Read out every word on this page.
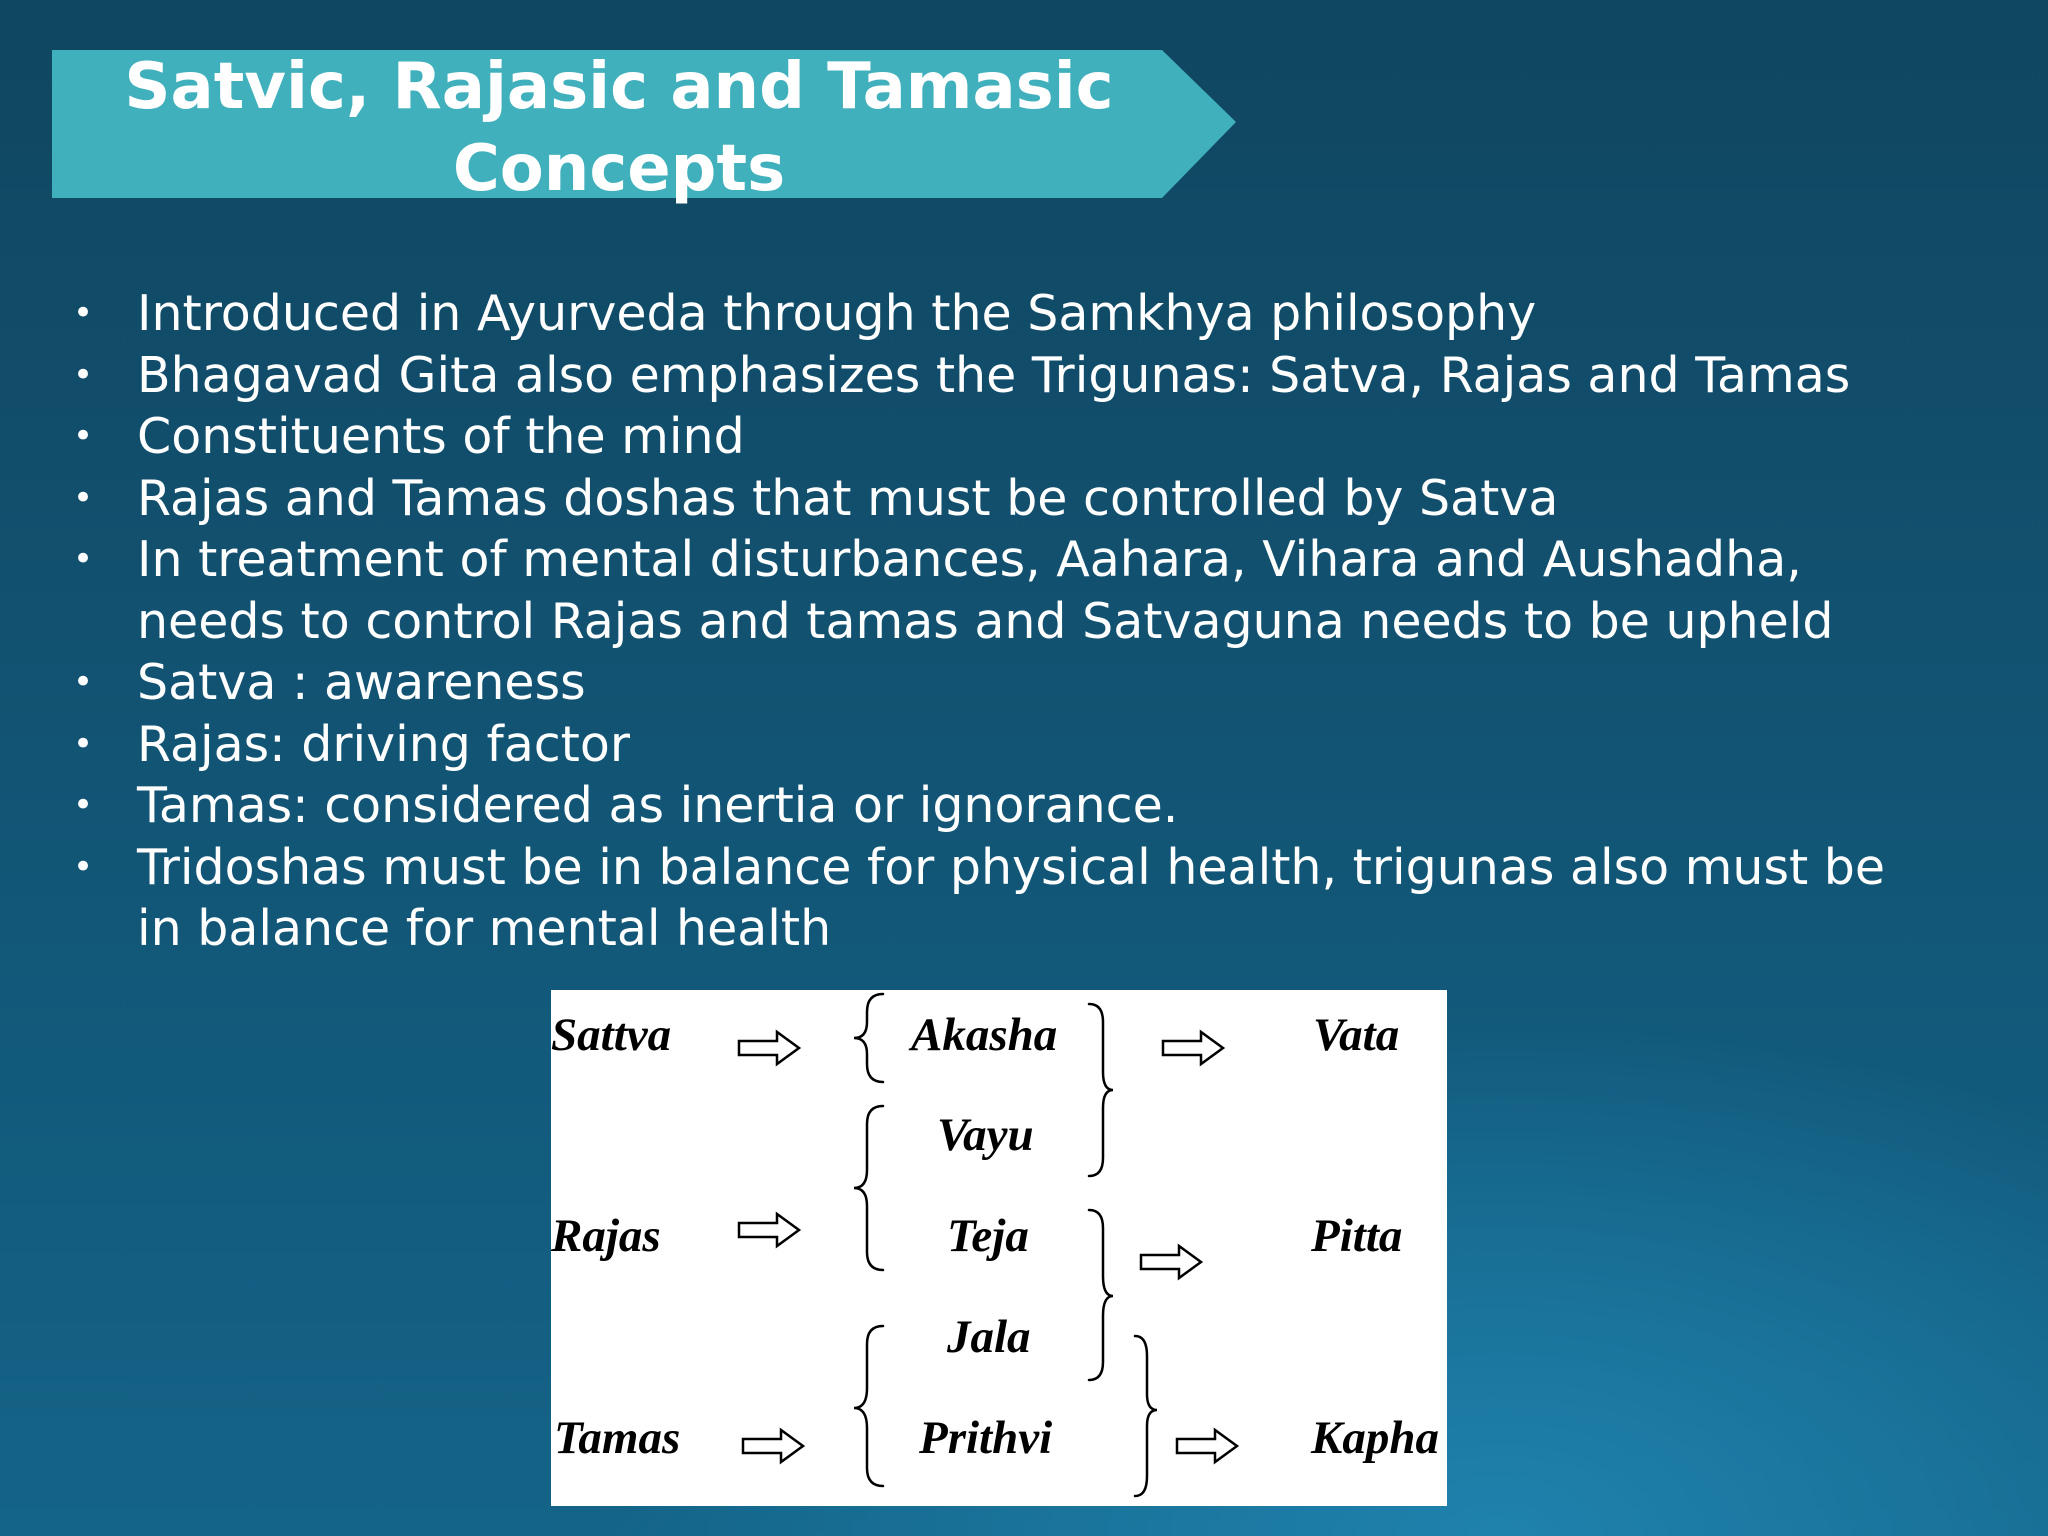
Satvic, Rajasic and Tamasic
Concepts
• Introduced in Ayurveda through the Samkhya philosophy
• Bhagavad Gita also emphasizes the Trigunas: Satva, Rajas and Tamas
• Constituents of the mind
• Rajas and Tamas doshas that must be controlled by Satva
• In treatment of mental disturbances, Aahara, Vihara and Aushadha, needs to control Rajas and tamas and Satvaguna needs to be upheld
• Satva : awareness
• Rajas: driving factor
• Tamas: considered as inertia or ignorance.
• Tridoshas must be in balance for physical health, trigunas also must be in balance for mental health
Sattva
Rajas
Tamas
Akasha
Vayu
Teja
Jala
Prithvi
Vata
Pitta
Kapha
